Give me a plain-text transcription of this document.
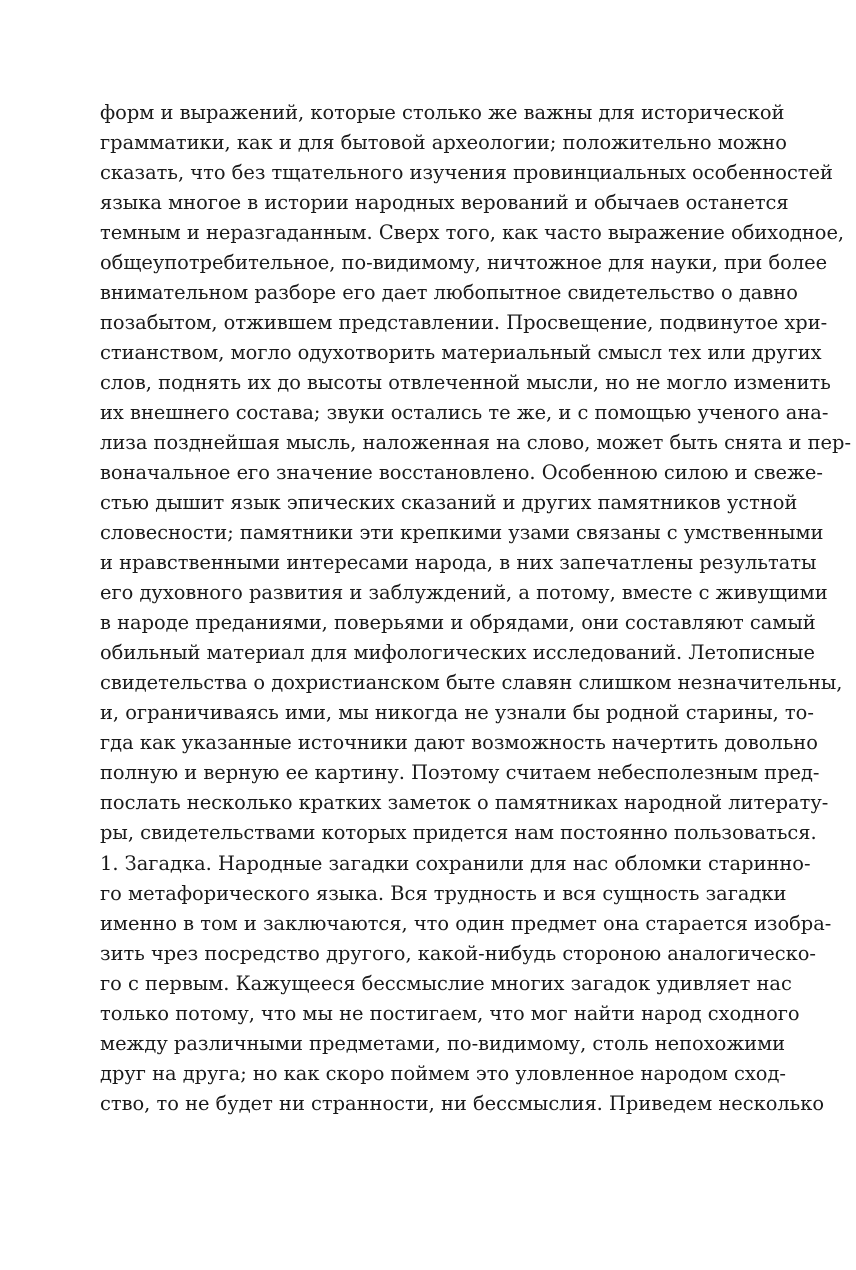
форм и выражений, которые столько же важны для исторической
грамматики, как и для бытовой археологии; положительно можно
сказать, что без тщательного изучения провинциальных особенностей
языка многое в истории народных верований и обычаев останется
темным и неразгаданным. Сверх того, как часто выражение обиходное,
общеупотребительное, по-видимому, ничтожное для науки, при более
внимательном разборе его дает любопытное свидетельство о давно
позабытом, отжившем представлении. Просвещение, подвинутое хри-
стианством, могло одухотворить материальный смысл тех или других
слов, поднять их до высоты отвлеченной мысли, но не могло изменить
их внешнего состава; звуки остались те же, и с помощью ученого ана-
лиза позднейшая мысль, наложенная на слово, может быть снята и пер-
воначальное его значение восстановлено. Особенною силою и свеже-
стью дышит язык эпических сказаний и других памятников устной
словесности; памятники эти крепкими узами связаны с умственными
и нравственными интересами народа, в них запечатлены результаты
его духовного развития и заблуждений, а потому, вместе с живущими
в народе преданиями, поверьями и обрядами, они составляют самый
обильный материал для мифологических исследований. Летописные
свидетельства о дохристианском быте славян слишком незначительны,
и, ограничиваясь ими, мы никогда не узнали бы родной старины, то-
гда как указанные источники дают возможность начертить довольно
полную и верную ее картину. Поэтому считаем небесполезным пред-
послать несколько кратких заметок о памятниках народной литерату-
ры, свидетельствами которых придется нам постоянно пользоваться.
1. Загадка. Народные загадки сохранили для нас обломки старинно-
го метафорического языка. Вся трудность и вся сущность загадки
именно в том и заключаются, что один предмет она старается изобра-
зить чрез посредство другого, какой-нибудь стороною аналогическо-
го с первым. Кажущееся бессмыслие многих загадок удивляет нас
только потому, что мы не постигаем, что мог найти народ сходного
между различными предметами, по-видимому, столь непохожими
друг на друга; но как скоро поймем это уловленное народом сход-
ство, то не будет ни странности, ни бессмыслия. Приведем несколько
